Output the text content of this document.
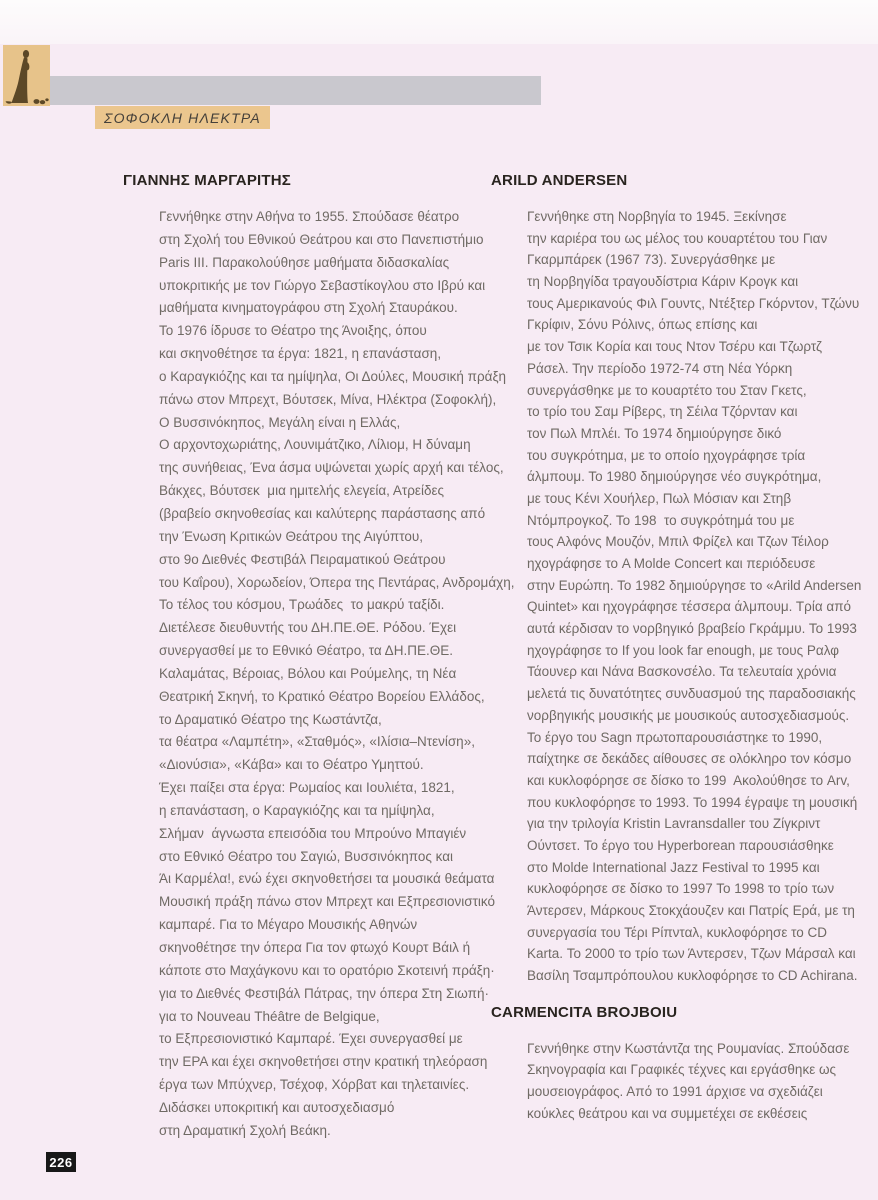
ΣΟΦΟΚΛΗ ΗΛΕΚΤΡΑ
ΓΙΑΝΝΗΣ ΜΑΡΓΑΡΙΤΗΣ
Γεννήθηκε στην Αθήνα το 1955. Σπούδασε θέατρο
στη Σχολή του Εθνικού Θεάτρου και στο Πανεπιστήμιο
Paris III. Παρακολούθησε μαθήματα διδασκαλίας
υποκριτικής με τον Γιώργο Σεβαστίκογλου στο Ιβρύ και
μαθήματα κινηματογράφου στη Σχολή Σταυράκου.
Το 1976 ίδρυσε το Θέατρο της Άνοιξης, όπου
και σκηνοθέτησε τα έργα: 1821, η επανάσταση,
ο Καραγκιόζης και τα ημίψηλα, Οι Δούλες, Μουσική πράξη
πάνω στον Μπρεχτ, Βόυτσεκ, Μίνα, Ηλέκτρα (Σοφοκλή),
Ο Βυσσινόκηπος, Μεγάλη είναι η Ελλάς,
Ο αρχοντοχωριάτης, Λουνιμάτζικο, Λίλιομ, Η δύναμη
της συνήθειας, Ένα άσμα υψώνεται χωρίς αρχή και τέλος,
Βάκχες, Βόυτσεκ  μια ημιτελής ελεγεία, Ατρείδες
(βραβείο σκηνοθεσίας και καλύτερης παράστασης από
την Ένωση Κριτικών Θεάτρου της Αιγύπτου,
στο 9ο Διεθνές Φεστιβάλ Πειραματικού Θεάτρου
του Καΐρου), Χορωδείον, Όπερα της Πεντάρας, Ανδρομάχη,
Το τέλος του κόσμου, Τρωάδες  το μακρύ ταξίδι.
Διετέλεσε διευθυντής του ΔΗ.ΠΕ.ΘΕ. Ρόδου. Έχει
συνεργασθεί με το Εθνικό Θέατρο, τα ΔΗ.ΠΕ.ΘΕ.
Καλαμάτας, Βέροιας, Βόλου και Ρούμελης, τη Νέα
Θεατρική Σκηνή, το Κρατικό Θέατρο Βορείου Ελλάδος,
το Δραματικό Θέατρο της Κωστάντζα,
τα θέατρα «Λαμπέτη», «Σταθμός», «Ιλίσια–Ντενίση»,
«Διονύσια», «Κάβα» και το Θέατρο Υμηττού.
Έχει παίξει στα έργα: Ρωμαίος και Ιουλιέτα, 1821,
η επανάσταση, ο Καραγκιόζης και τα ημίψηλα,
Σλήμαν  άγνωστα επεισόδια του Μπρούνο Μπαγιέν
στο Εθνικό Θέατρο του Σαγιώ, Βυσσινόκηπος και
Άι Καρμέλα!, ενώ έχει σκηνοθετήσει τα μουσικά θεάματα
Μουσική πράξη πάνω στον Μπρεχτ και Εξπρεσιονιστικό
καμπαρέ. Για το Μέγαρο Μουσικής Αθηνών
σκηνοθέτησε την όπερα Για τον φτωχό Κουρτ Βάιλ ή
κάποτε στο Μαχάγκονυ και το ορατόριο Σκοτεινή πράξη·
για το Διεθνές Φεστιβάλ Πάτρας, την όπερα Στη Σιωπή·
για το Nouveau Théâtre de Belgique,
το Εξπρεσιονιστικό Καμπαρέ. Έχει συνεργασθεί με
την ΕΡΑ και έχει σκηνοθετήσει στην κρατική τηλεόραση
έργα των Μπύχνερ, Τσέχοφ, Χόρβατ και τηλεταινίες.
Διδάσκει υποκριτική και αυτοσχεδιασμό
στη Δραματική Σχολή Βεάκη.
ARILD ANDERSEN
Γεννήθηκε στη Νορβηγία το 1945. Ξεκίνησε
την καριέρα του ως μέλος του κουαρτέτου του Γιαν
Γκαρμπάρεκ (1967 73). Συνεργάσθηκε με
τη Νορβηγίδα τραγουδίστρια Κάριν Κρογκ και
τους Αμερικανούς Φιλ Γουντς, Ντέξτερ Γκόρντον, Τζώνυ
Γκρίφιν, Σόνυ Ρόλινς, όπως επίσης και
με τον Τσικ Κορία και τους Ντον Τσέρυ και Τζωρτζ
Ράσελ. Την περίοδο 1972-74 στη Νέα Υόρκη
συνεργάσθηκε με το κουαρτέτο του Σταν Γκετς,
το τρίο του Σαμ Ρίβερς, τη Σέιλα Τζόρνταν και
τον Πωλ Μπλέι. Το 1974 δημιούργησε δικό
του συγκρότημα, με το οποίο ηχογράφησε τρία
άλμπουμ. Το 1980 δημιούργησε νέο συγκρότημα,
με τους Κένι Χουήλερ, Πωλ Μόσιαν και Στηβ
Ντόμπρογκοζ. Το 198  το συγκρότημά του με
τους Αλφόνς Μουζόν, Μπιλ Φρίζελ και Τζων Τέιλορ
ηχογράφησε το A Molde Concert και περιόδευσε
στην Ευρώπη. Το 1982 δημιούργησε το «Arild Andersen
Quintet» και ηχογράφησε τέσσερα άλμπουμ. Τρία από
αυτά κέρδισαν το νορβηγικό βραβείο Γκράμμυ. Το 1993
ηχογράφησε το If you look far enough, με τους Ραλφ
Τάουνερ και Νάνα Βασκονσέλο. Τα τελευταία χρόνια
μελετά τις δυνατότητες συνδυασμού της παραδοσιακής
νορβηγικής μουσικής με μουσικούς αυτοσχεδιασμούς.
Το έργο του Sagn πρωτοπαρουσιάστηκε το 1990,
παίχτηκε σε δεκάδες αίθουσες σε ολόκληρο τον κόσμο
και κυκλοφόρησε σε δίσκο το 199  Ακολούθησε το Arv,
που κυκλοφόρησε το 1993. Το 1994 έγραψε τη μουσική
για την τριλογία Kristin Lavransdaller του Ζίγκριντ
Ούντσετ. Το έργο του Hyperborean παρουσιάσθηκε
στο Molde International Jazz Festival το 1995 και
κυκλοφόρησε σε δίσκο το 1997 Το 1998 το τρίο των
Άντερσεν, Μάρκους Στοκχάουζεν και Πατρίς Ερά, με τη
συνεργασία του Τέρι Ρίπνταλ, κυκλοφόρησε το CD
Karta. Το 2000 το τρίο των Άντερσεν, Τζων Μάρσαλ και
Βασίλη Τσαμπρόπουλου κυκλοφόρησε το CD Achirana.
CARMENCITA BROJBOIU
Γεννήθηκε στην Κωστάντζα της Ρουμανίας. Σπούδασε
Σκηνογραφία και Γραφικές τέχνες και εργάσθηκε ως
μουσειογράφος. Από το 1991 άρχισε να σχεδιάζει
κούκλες θεάτρου και να συμμετέχει σε εκθέσεις
226
